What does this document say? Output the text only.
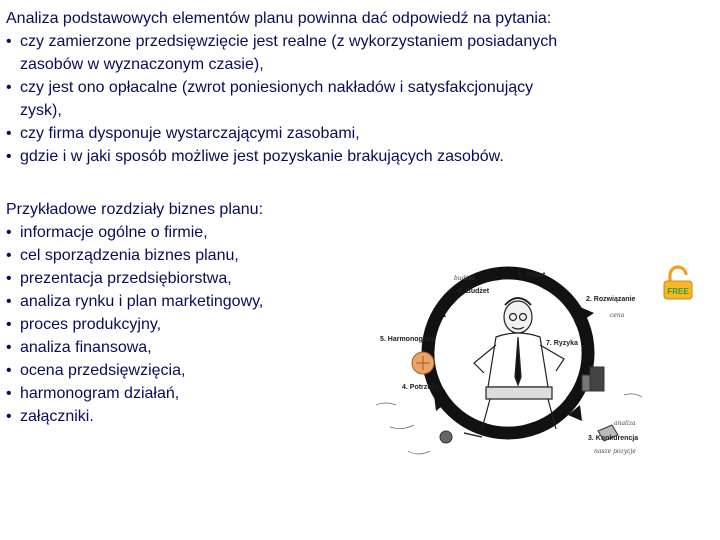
Analiza podstawowych elementów planu powinna dać odpowiedź na pytania:
• czy zamierzone przedsięwzięcie jest realne (z wykorzystaniem posiadanych
zasobów w wyznaczonym czasie),
• czy jest ono opłacalne (zwrot poniesionych nakładów i satysfakcjonujący
zysk),
• czy firma dysponuje wystarczającymi zasobami,
• gdzie i w jaki sposób możliwe jest pozyskanie brakujących zasobów.
Przykładowe rozdziały biznes planu:
• informacje ogólne o firmie,
• cel sporządzenia biznes planu,
• prezentacja przedsiębiorstwa,
• analiza rynku i plan marketingowy,
• proces produkcyjny,
• analiza finansowa,
• ocena przedsięwzięcia,
• harmonogram działań,
• załączniki.
1. Klient
2. Rozwiązanie
3. Konkurencja
4. Potrzeby
5. Harmonogram
6. Budżet
7. Ryzyka
cena
analiza
nasze pozycje
budżet
FREE
